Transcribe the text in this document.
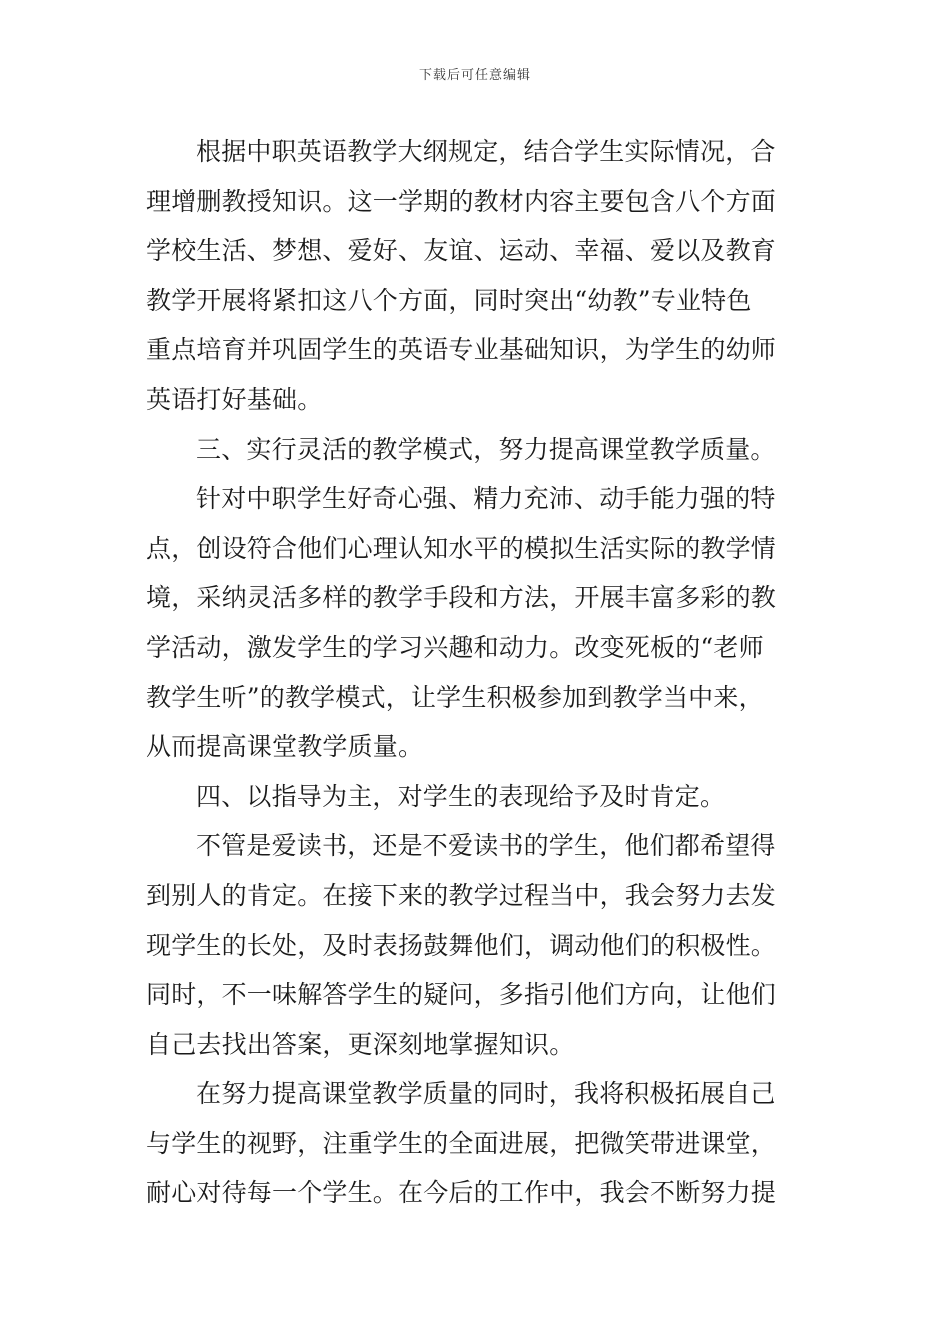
下载后可任意编辑
根据中职英语教学大纲规定，结合学生实际情况，合
理增删教授知识。这一学期的教材内容主要包含八个方面
学校生活、梦想、爱好、友谊、运动、幸福、爱以及教育
教学开展将紧扣这八个方面，同时突出“幼教”专业特色
重点培育并巩固学生的英语专业基础知识，为学生的幼师
英语打好基础。
三、实行灵活的教学模式，努力提高课堂教学质量。
针对中职学生好奇心强、精力充沛、动手能力强的特
点，创设符合他们心理认知水平的模拟生活实际的教学情
境，采纳灵活多样的教学手段和方法，开展丰富多彩的教
学活动，激发学生的学习兴趣和动力。改变死板的“老师
教学生听”的教学模式，让学生积极参加到教学当中来，
从而提高课堂教学质量。
四、以指导为主，对学生的表现给予及时肯定。
不管是爱读书，还是不爱读书的学生，他们都希望得
到别人的肯定。在接下来的教学过程当中，我会努力去发
现学生的长处，及时表扬鼓舞他们，调动他们的积极性。
同时，不一味解答学生的疑问，多指引他们方向，让他们
自己去找出答案，更深刻地掌握知识。
在努力提高课堂教学质量的同时，我将积极拓展自己
与学生的视野，注重学生的全面进展，把微笑带进课堂，
耐心对待每一个学生。在今后的工作中，我会不断努力提
